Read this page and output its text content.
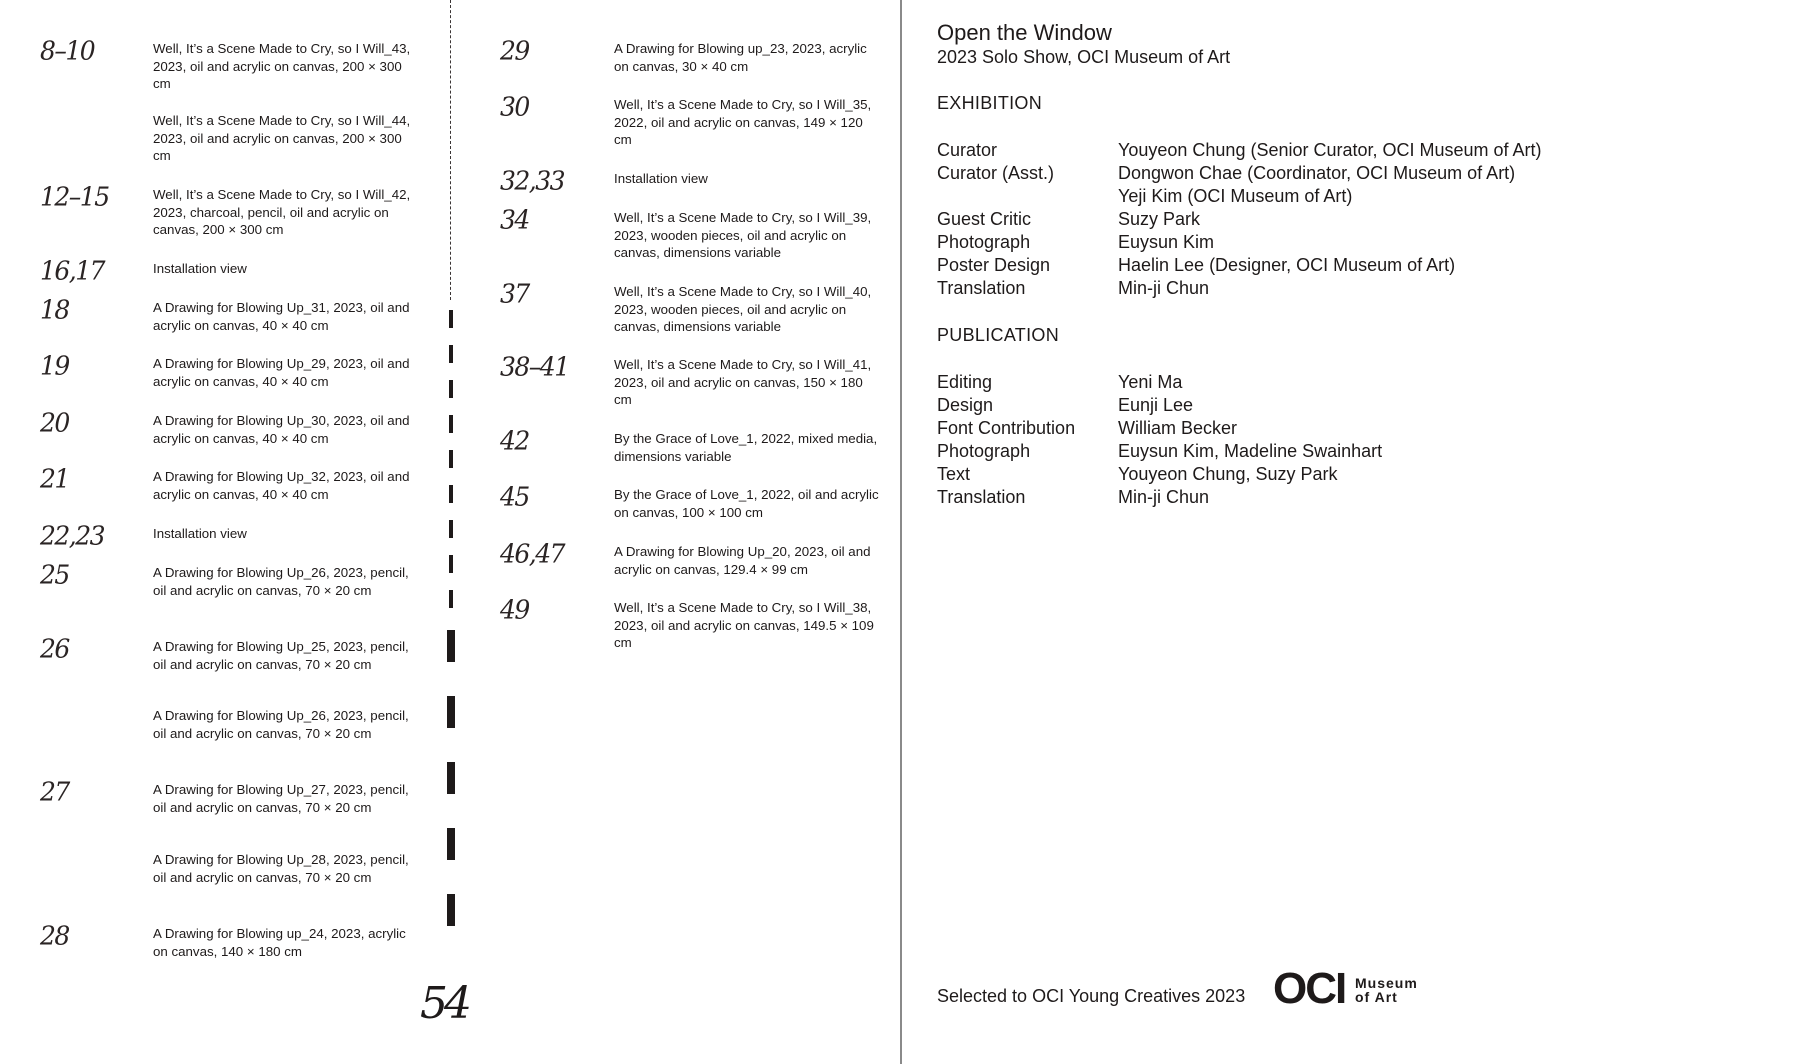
8–10	Well, It’s a Scene Made to Cry, so I Will_43, 2023, oil and acrylic on canvas, 200 × 300 cm
Well, It’s a Scene Made to Cry, so I Will_44, 2023, oil and acrylic on canvas, 200 × 300 cm
12–15	Well, It’s a Scene Made to Cry, so I Will_42, 2023, charcoal, pencil, oil and acrylic on canvas, 200 × 300 cm
16,17	Installation view
18	A Drawing for Blowing Up_31, 2023, oil and acrylic on canvas, 40 × 40 cm
19	A Drawing for Blowing Up_29, 2023, oil and acrylic on canvas, 40 × 40 cm
20	A Drawing for Blowing Up_30, 2023, oil and acrylic on canvas, 40 × 40 cm
21	A Drawing for Blowing Up_32, 2023, oil and acrylic on canvas, 40 × 40 cm
22,23	Installation view
25	A Drawing for Blowing Up_26, 2023, pencil, oil and acrylic on canvas, 70 × 20 cm
26	A Drawing for Blowing Up_25, 2023, pencil, oil and acrylic on canvas, 70 × 20 cm
A Drawing for Blowing Up_26, 2023, pencil, oil and acrylic on canvas, 70 × 20 cm
27	A Drawing for Blowing Up_27, 2023, pencil, oil and acrylic on canvas, 70 × 20 cm
A Drawing for Blowing Up_28, 2023, pencil, oil and acrylic on canvas, 70 × 20 cm
28	A Drawing for Blowing up_24, 2023, acrylic on canvas, 140 × 180 cm
54
29	A Drawing for Blowing up_23, 2023, acrylic on canvas, 30 × 40 cm
30	Well, It’s a Scene Made to Cry, so I Will_35, 2022, oil and acrylic on canvas, 149 × 120 cm
32,33	Installation view
34	Well, It’s a Scene Made to Cry, so I Will_39, 2023, wooden pieces, oil and acrylic on canvas, dimensions variable
37	Well, It’s a Scene Made to Cry, so I Will_40, 2023, wooden pieces, oil and acrylic on canvas, dimensions variable
38–41	Well, It’s a Scene Made to Cry, so I Will_41, 2023, oil and acrylic on canvas, 150 × 180 cm
42	By the Grace of Love_1, 2022, mixed media, dimensions variable
45	By the Grace of Love_1, 2022, oil and acrylic on canvas, 100 × 100 cm
46,47	A Drawing for Blowing Up_20, 2023, oil and acrylic on canvas, 129.4 × 99 cm
49	Well, It’s a Scene Made to Cry, so I Will_38, 2023, oil and acrylic on canvas, 149.5 × 109 cm
Open the Window
2023 Solo Show, OCI Museum of Art
EXHIBITION
Curator	Youyeon Chung (Senior Curator, OCI Museum of Art)
Curator (Asst.)	Dongwon Chae (Coordinator, OCI Museum of Art)
Yeji Kim (OCI Museum of Art)
Guest Critic	Suzy Park
Photograph	Euysun Kim
Poster Design	Haelin Lee (Designer, OCI Museum of Art)
Translation	Min-ji Chun
PUBLICATION
Editing	Yeni Ma
Design	Eunji Lee
Font Contribution William Becker
Photograph	Euysun Kim, Madeline Swainhart
Text	Youyeon Chung, Suzy Park
Translation	Min-ji Chun
Selected to OCI Young Creatives 2023 OCI Museum
of Art
